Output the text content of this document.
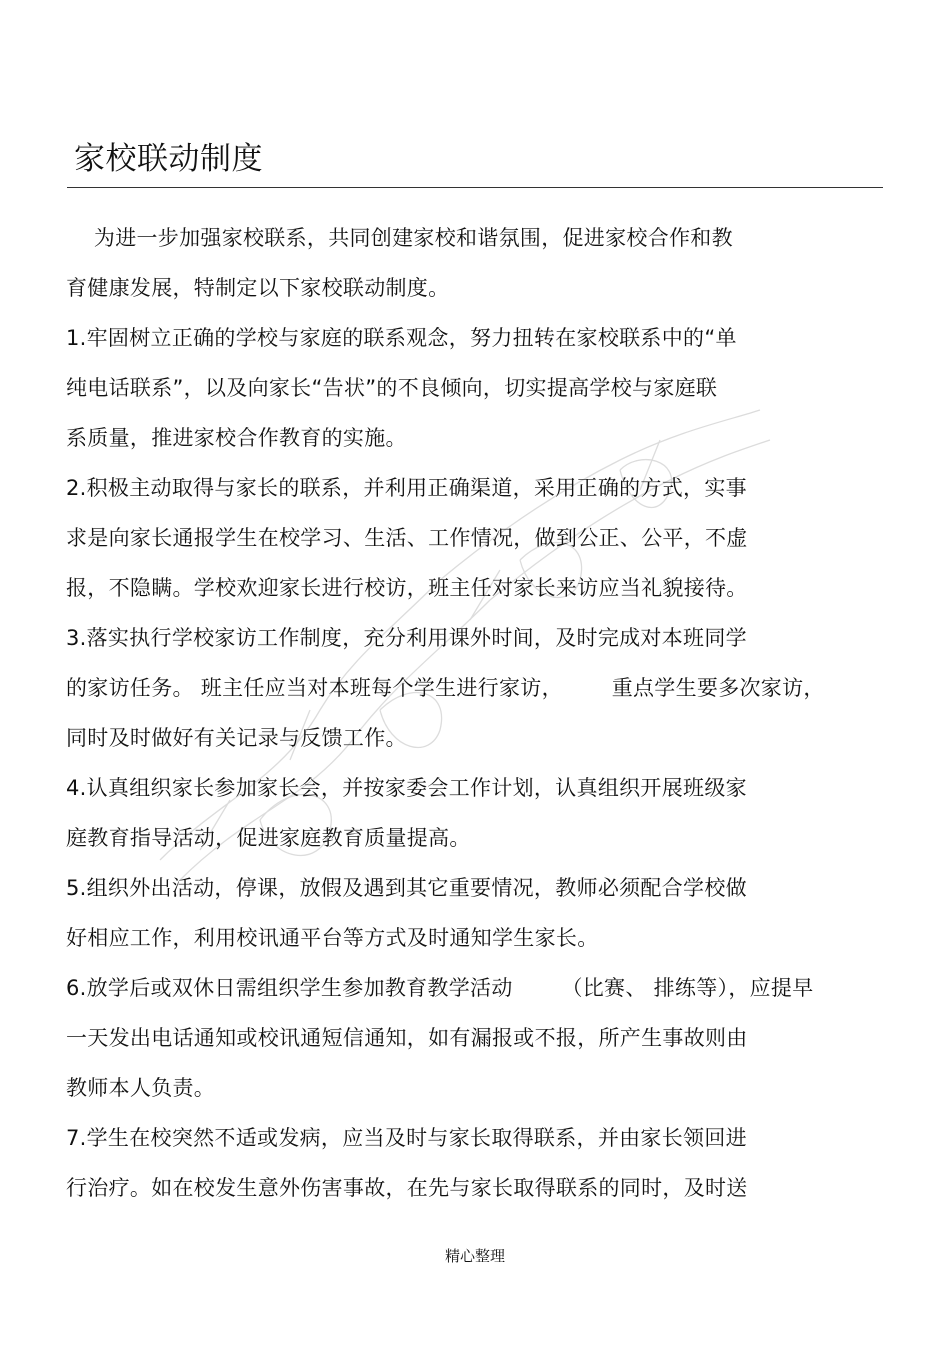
家校联动制度
为进一步加强家校联系，共同创建家校和谐氛围，促进家校合作和教
育健康发展，特制定以下家校联动制度。
1.牢固树立正确的学校与家庭的联系观念，努力扭转在家校联系中的“单
纯电话联系”，以及向家长“告状”的不良倾向，切实提高学校与家庭联
系质量，推进家校合作教育的实施。
2.积极主动取得与家长的联系，并利用正确渠道，采用正确的方式，实事
求是向家长通报学生在校学习、生活、工作情况，做到公正、公平，不虚
报，不隐瞒。学校欢迎家长进行校访，班主任对家长来访应当礼貌接待。
3.落实执行学校家访工作制度，充分利用课外时间，及时完成对本班同学
的家访任务。 班主任应当对本班每个学生进行家访，       重点学生要多次家访，
同时及时做好有关记录与反馈工作。
4.认真组织家长参加家长会，并按家委会工作计划，认真组织开展班级家
庭教育指导活动，促进家庭教育质量提高。
5.组织外出活动，停课，放假及遇到其它重要情况，教师必须配合学校做
好相应工作，利用校讯通平台等方式及时通知学生家长。
6.放学后或双休日需组织学生参加教育教学活动       （比赛、 排练等），应提早
一天发出电话通知或校讯通短信通知，如有漏报或不报，所产生事故则由
教师本人负责。
7.学生在校突然不适或发病，应当及时与家长取得联系，并由家长领回进
行治疗。如在校发生意外伤害事故，在先与家长取得联系的同时，及时送
精心整理
